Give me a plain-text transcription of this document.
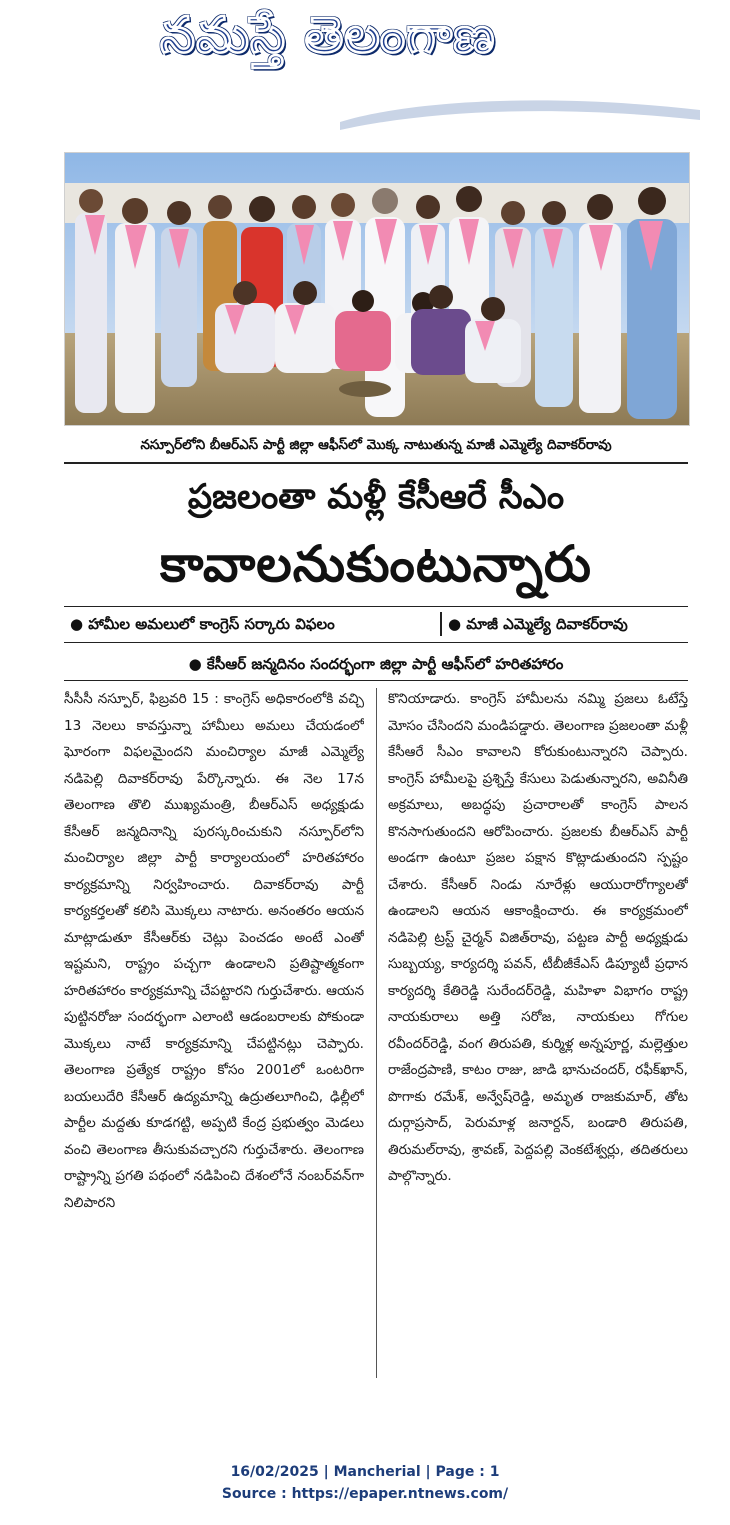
నమస్తే తెలంగాణ
నస్పూర్‌లోని బీఆర్‌ఎస్ పార్టీ జిల్లా ఆఫీస్‌లో మొక్క నాటుతున్న మాజీ ఎమ్మెల్యే దివాకర్‌రావు
ప్రజలంతా మళ్లీ కేసీఆరే సీఎం
కావాలనుకుంటున్నారు
● హామీల అమలులో కాంగ్రెస్ సర్కారు విఫలం	● మాజీ ఎమ్మెల్యే దివాకర్‌రావు
● కేసీఆర్ జన్మదినం సందర్భంగా జిల్లా పార్టీ ఆఫీస్‌లో హరితహారం

సీసీసీ నస్పూర్, ఫిబ్రవరి 15 : కాంగ్రెస్ అధికారంలోకి వచ్చి 13 నెలలు కావస్తున్నా హామీలు అమలు చేయడంలో ఘోరంగా విఫలమైందని మంచిర్యాల మాజీ ఎమ్మెల్యే నడిపెల్లి దివాకర్‌రావు పేర్కొన్నారు. ఈ నెల 17న తెలంగాణ తొలి ముఖ్యమంత్రి, బీఆర్‌ఎస్ అధ్యక్షుడు కేసీఆర్ జన్మదినాన్ని పురస్కరించుకుని నస్పూర్‌లోని మంచిర్యాల జిల్లా పార్టీ కార్యాలయంలో హరితహారం కార్యక్రమాన్ని నిర్వహించారు. దివాకర్‌రావు పార్టీ కార్యకర్తలతో కలిసి మొక్కలు నాటారు. అనంతరం ఆయన మాట్లాడుతూ కేసీఆర్‌కు చెట్లు పెంచడం అంటే ఎంతో ఇష్టమని, రాష్ట్రం పచ్చగా ఉండాలని ప్రతిష్టాత్మకంగా హరితహారం కార్యక్రమాన్ని చేపట్టారని గుర్తుచేశారు. ఆయన పుట్టినరోజు సందర్భంగా ఎలాంటి ఆడంబరాలకు పోకుండా మొక్కలు నాటే కార్యక్రమాన్ని చేపట్టినట్లు చెప్పారు. తెలంగాణ ప్రత్యేక రాష్ట్రం కోసం 2001లో ఒంటరిగా బయలుదేరి కేసీఆర్ ఉద్యమాన్ని ఉద్రుతలూగించి, ఢిల్లీలో పార్టీల మద్దతు కూడగట్టి, అప్పటి కేంద్ర ప్రభుత్వం మెడలు వంచి తెలంగాణ తీసుకువచ్చారని గుర్తుచేశారు. తెలంగాణ రాష్ట్రాన్ని ప్రగతి పథంలో నడిపించి దేశంలోనే నంబర్‌వన్‌గా నిలిపారని

కొనియాడారు. కాంగ్రెస్ హామీలను నమ్మి ప్రజలు ఓటేస్తే మోసం చేసిందని మండిపడ్డారు. తెలంగాణ ప్రజలంతా మళ్లీ కేసీఆరే సీఎం కావాలని కోరుకుంటున్నారని చెప్పారు. కాంగ్రెస్ హామీలపై ప్రశ్నిస్తే కేసులు పెడుతున్నారని, అవినీతి అక్రమాలు, అబద్ధపు ప్రచారాలతో కాంగ్రెస్ పాలన కొనసాగుతుందని ఆరోపించారు. ప్రజలకు బీఆర్‌ఎస్ పార్టీ అండగా ఉంటూ ప్రజల పక్షాన కొట్లాడుతుందని స్పష్టం చేశారు. కేసీఆర్ నిండు నూరేళ్లు ఆయురారోగ్యాలతో ఉండాలని ఆయన ఆకాంక్షించారు. ఈ కార్యక్రమంలో నడిపెల్లి ట్రస్ట్ చైర్మన్ విజిత్‌రావు, పట్టణ పార్టీ అధ్యక్షుడు సుబ్బయ్య, కార్యదర్శి పవన్, టీబీజీకేఎస్ డిప్యూటీ ప్రధాన కార్యదర్శి కేతిరెడ్డి సురేందర్‌రెడ్డి, మహిళా విభాగం రాష్ట్ర నాయకురాలు అత్తి సరోజ, నాయకులు గోగుల రవీందర్‌రెడ్డి, వంగ తిరుపతి, కుర్మిళ్ల అన్నపూర్ణ, మల్లెత్తుల రాజేంద్రపాణి, కాటం రాజు, జాడి భానుచందర్, రఫీక్‌ఖాన్, పొగాకు రమేశ్, అన్వేష్‌రెడ్డి, అమృత రాజకుమార్, తోట దుర్గాప్రసాద్, పెరుమాళ్ల జనార్దన్, బండారి తిరుపతి, తిరుమల్‌రావు, శ్రావణ్, పెద్దపల్లి వెంకటేశ్వర్లు, తదితరులు పాల్గొన్నారు.

16/02/2025 | Mancherial | Page : 1
Source : https://epaper.ntnews.com/
